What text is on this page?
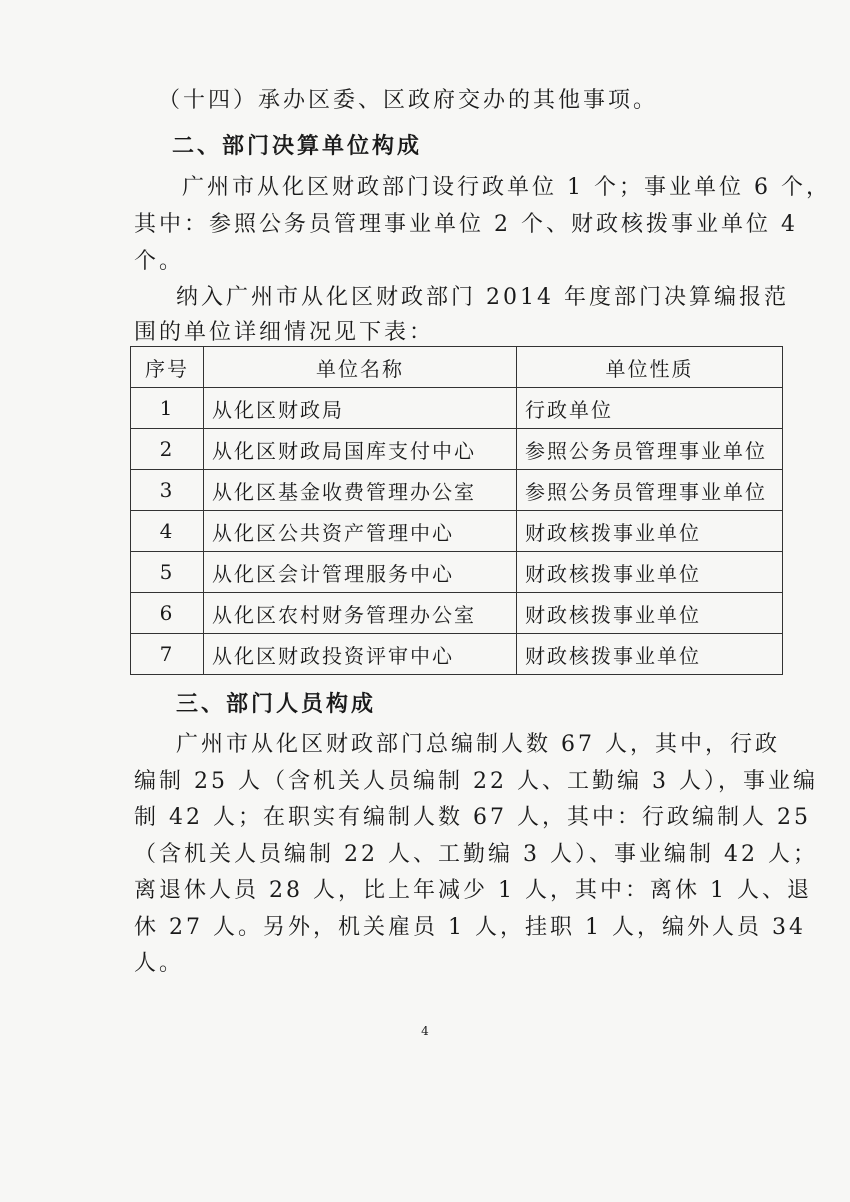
（十四）承办区委、区政府交办的其他事项。
二、部门决算单位构成
广州市从化区财政部门设行政单位 1 个；事业单位 6 个，
其中：参照公务员管理事业单位 2 个、财政核拨事业单位 4
个。
纳入广州市从化区财政部门 2014 年度部门决算编报范
围的单位详细情况见下表：
序号	单位名称	单位性质
1	从化区财政局	行政单位
2	从化区财政局国库支付中心	参照公务员管理事业单位
3	从化区基金收费管理办公室	参照公务员管理事业单位
4	从化区公共资产管理中心	财政核拨事业单位
5	从化区会计管理服务中心	财政核拨事业单位
6	从化区农村财务管理办公室	财政核拨事业单位
7	从化区财政投资评审中心	财政核拨事业单位
三、部门人员构成
广州市从化区财政部门总编制人数 67 人，其中，行政
编制 25 人（含机关人员编制 22 人、工勤编 3 人），事业编
制 42 人；在职实有编制人数 67 人，其中：行政编制人 25
（含机关人员编制 22 人、工勤编 3 人）、事业编制 42 人；
离退休人员 28 人，比上年减少 1 人，其中：离休 1 人、退
休 27 人。另外，机关雇员 1 人，挂职 1 人，编外人员 34
人。
4
